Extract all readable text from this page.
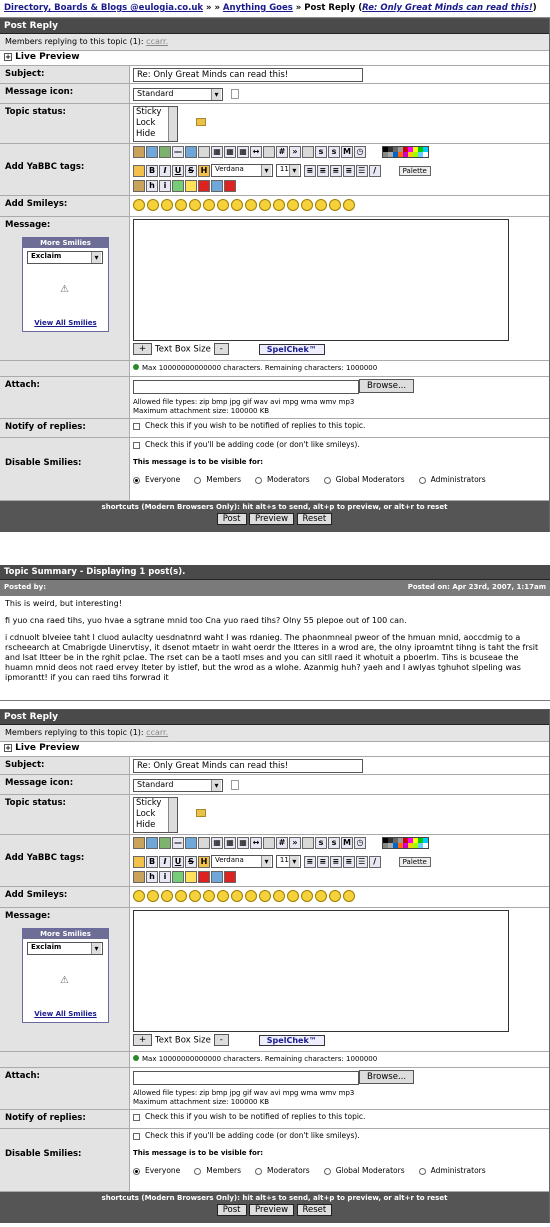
Directory, Boards & Blogs @eulogia.co.uk » » Anything Goes » Post Reply (Re: Only Great Minds can read this!)
Post Reply
Members replying to this topic (1): ccarr.
+ Live Preview
Subject:
Re: Only Great Minds can read this!
Message icon:	Standard ▾
Topic status:	Sticky
Lock
Hide
Add YaBBC tags:
—	▦ ▦ ▦ ↔ # »	s s M ◷
B I U S H Verdana ▾	11 ▾ ≡ ≡ ≡ ≡ ☰ /	Palette
h i
Add Smileys:
Message:
More Smilies
Exclaim ▾
⚠
View All Smilies
+ Text Box Size -	SpelChek™
Max 10000000000000 characters. Remaining characters: 1000000
Attach:	Browse...
Allowed file types: zip bmp jpg gif wav avi mpg wma wmv mp3
Maximum attachment size: 100000 KB
Notify of replies:	Check this if you wish to be notified of replies to this topic.
Disable Smilies:
Check this if you'll be adding code (or don't like smileys).
This message is to be visible for:
Everyone	Members	Moderators	Global Moderators	Administrators
shortcuts (Modern Browsers Only): hit alt+s to send, alt+p to preview, or alt+r to reset
Post Preview Reset
Topic Summary - Displaying 1 post(s).
Posted by:	Posted on: Apr 23rd, 2007, 1:17am

This is weird, but interesting!

fi yuo cna raed tihs, yuo hvae a sgtrane mnid too Cna yuo raed tihs? Olny 55 plepoe out of 100 can.

i cdnuolt blveiee taht I cluod aulaclty uesdnatnrd waht I was rdanieg. The phaonmneal pweor of the hmuan mnid, aoccdmig to a rscheearch at Cmabrigde Uinervtisy, it dsenot mtaetr in waht oerdr the ltteres in a wrod are, the olny iproamtnt tihng is taht the frsit and lsat ltteer be in the rghit pclae. The rset can be a taotl mses and you can sitll raed it whotuit a pboerlm. Tihs is bcuseae the huamn mnid deos not raed ervey lteter by istlef, but the wrod as a wlohe. Azanmig huh? yaeh and I awlyas tghuhot slpeling was ipmorantt! if you can raed tihs forwrad it

Post Reply
Members replying to this topic (1): ccarr.
+ Live Preview
Subject:
Re: Only Great Minds can read this!
Message icon:	Standard ▾
Topic status:	Sticky
Lock
Hide
Add YaBBC tags:
—	▦ ▦ ▦ ↔ # »	s s M ◷
B I U S H Verdana ▾	11 ▾ ≡ ≡ ≡ ≡ ☰ /	Palette
h i
Add Smileys:
Message:
More Smilies
Exclaim ▾
⚠
View All Smilies
+ Text Box Size -	SpelChek™
Max 10000000000000 characters. Remaining characters: 1000000
Attach:	Browse...
Allowed file types: zip bmp jpg gif wav avi mpg wma wmv mp3
Maximum attachment size: 100000 KB
Notify of replies:	Check this if you wish to be notified of replies to this topic.
Disable Smilies:
Check this if you'll be adding code (or don't like smileys).
This message is to be visible for:
Everyone	Members	Moderators	Global Moderators	Administrators
shortcuts (Modern Browsers Only): hit alt+s to send, alt+p to preview, or alt+r to reset
Post Preview Reset
